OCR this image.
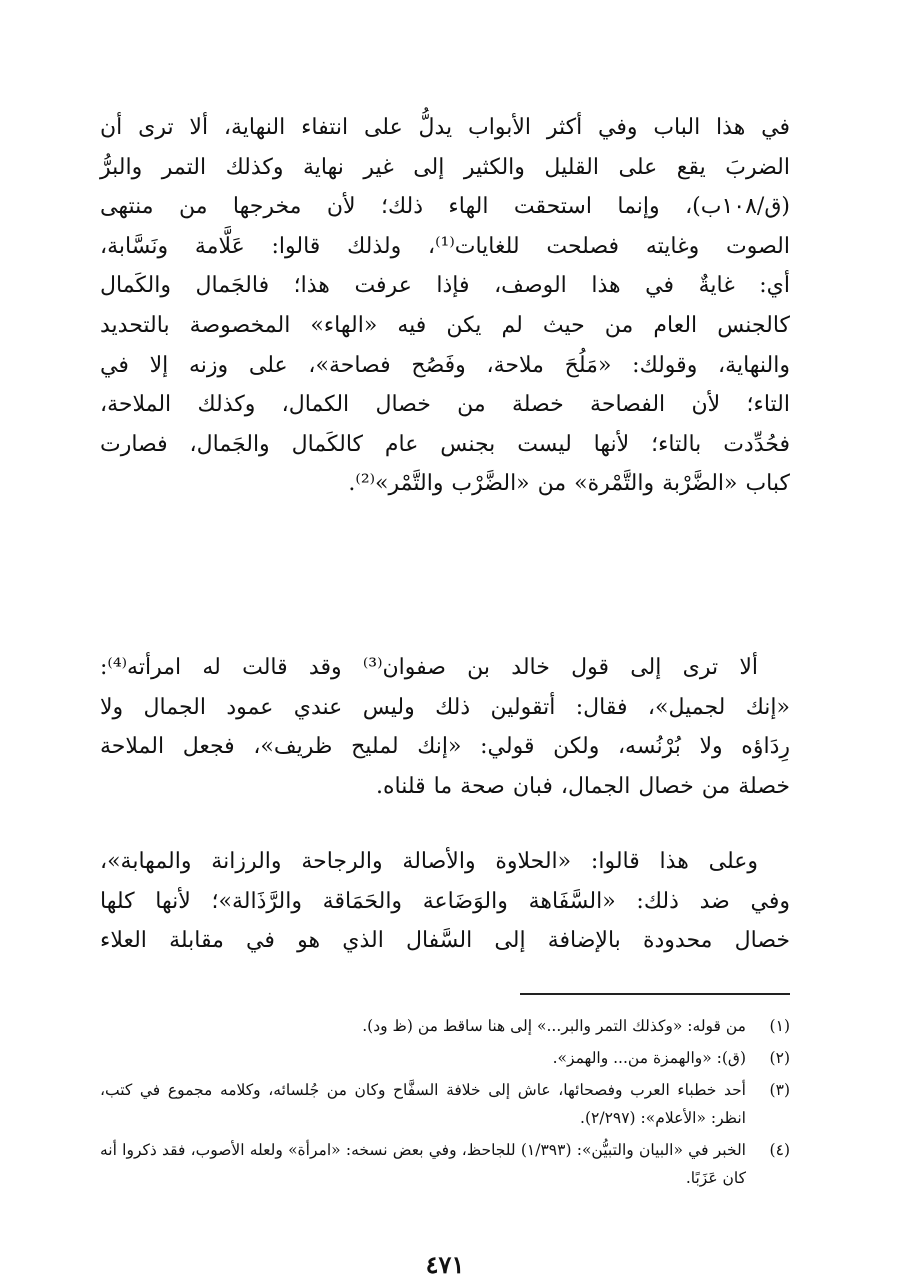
في هذا الباب وفي أكثر الأبواب يدلُّ على انتفاء النهاية، ألا ترى أن
الضربَ يقع على القليل والكثير إلى غير نهاية وكذلك التمر والبرُّ
(ق/١٠٨ب)، وإنما استحقت الهاء ذلك؛ لأن مخرجها من منتهى
الصوت وغايته فصلحت للغايات⁽¹⁾، ولذلك قالوا: عَلَّامة ونَسَّابة،
أي: غايةٌ في هذا الوصف، فإذا عرفت هذا؛ فالجَمال والكَمال
كالجنس العام من حيث لم يكن فيه «الهاء» المخصوصة بالتحديد
والنهاية، وقولك: «مَلُحَ ملاحة، وفَصُح فصاحة»، على وزنه إلا في
التاء؛ لأن الفصاحة خصلة من خصال الكمال، وكذلك الملاحة،
فحُدِّدت بالتاء؛ لأنها ليست بجنس عام كالكَمال والجَمال، فصارت
كباب «الضَّرْبة والتَّمْرة» من «الضَّرْب والتَّمْر»⁽²⁾.

ألا ترى إلى قول خالد بن صفوان⁽³⁾ وقد قالت له امرأته⁽⁴⁾:
«إنك لجميل»، فقال: أتقولين ذلك وليس عندي عمود الجمال ولا
رِدَاؤه ولا بُرْنُسه، ولكن قولي: «إنك لمليح ظريف»، فجعل الملاحة
خصلة من خصال الجمال، فبان صحة ما قلناه.

وعلى هذا قالوا: «الحلاوة والأصالة والرجاحة والرزانة والمهابة»،
وفي ضد ذلك: «السَّفَاهة والوَضَاعة والحَمَاقة والرَّذَالة»؛ لأنها كلها
خصال محدودة بالإضافة إلى السَّفال الذي هو في مقابلة العلاء

(١)
من قوله: «وكذلك التمر والبر...» إلى هنا ساقط من (ظ ود).
(٢)
(ق): «والهمزة من... والهمز».
(٣)
أحد خطباء العرب وفصحائها، عاش إلى خلافة السفَّاح وكان من جُلسائه، وكلامه مجموع في كتب، انظر: «الأعلام»: (٢/٢٩٧).
(٤)
الخبر في «البيان والتبيُّن»: (١/٣٩٣) للجاحظ، وفي بعض نسخه: «امرأة» ولعله الأصوب، فقد ذكروا أنه كان عَزَبًا.
٤٧١
